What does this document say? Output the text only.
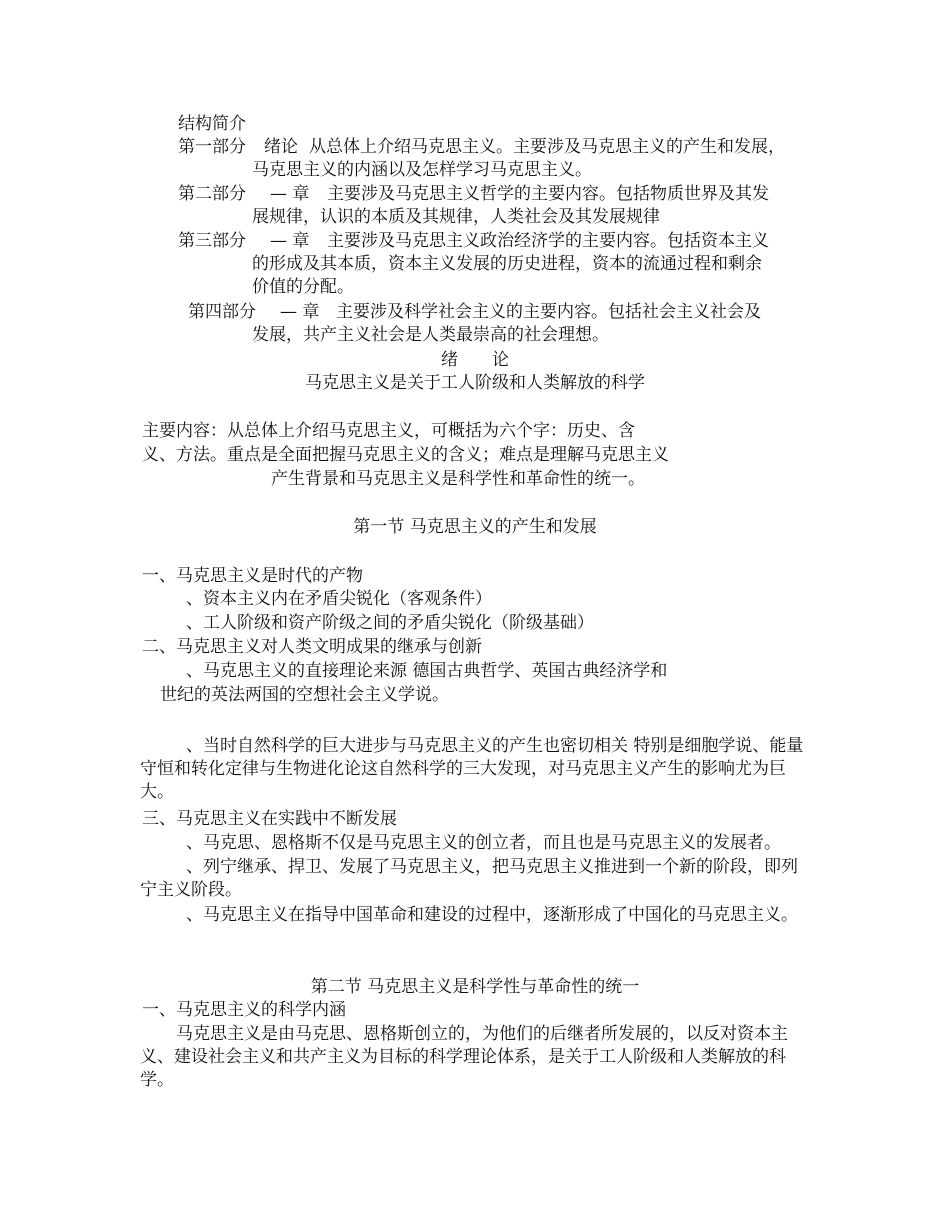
结构简介
第一部分 绪论 从总体上介绍马克思主义。主要涉及马克思主义的产生和发展，
马克思主义的内涵以及怎样学习马克思主义。
第二部分 — 章 主要涉及马克思主义哲学的主要内容。包括物质世界及其发
展规律，认识的本质及其规律，人类社会及其发展规律
第三部分 — 章 主要涉及马克思主义政治经济学的主要内容。包括资本主义
的形成及其本质，资本主义发展的历史进程，资本的流通过程和剩余
价值的分配。
第四部分 — 章 主要涉及科学社会主义的主要内容。包括社会主义社会及
发展，共产主义社会是人类最崇高的社会理想。
绪　　论
马克思主义是关于工人阶级和人类解放的科学
主要内容：从总体上介绍马克思主义，可概括为六个字：历史、含
义、方法。重点是全面把握马克思主义的含义；难点是理解马克思主义
产生背景和马克思主义是科学性和革命性的统一。
第一节 马克思主义的产生和发展
一、马克思主义是时代的产物
、资本主义内在矛盾尖锐化（客观条件）
、工人阶级和资产阶级之间的矛盾尖锐化（阶级基础）
二、马克思主义对人类文明成果的继承与创新
、马克思主义的直接理论来源 德国古典哲学、英国古典经济学和
世纪的英法两国的空想社会主义学说。

、当时自然科学的巨大进步与马克思主义的产生也密切相关 特别是细胞学说、能量守恒和转化定律与生物进化论这自然科学的三大发现，对马克思主义产生的影响尤为巨大。

三、马克思主义在实践中不断发展
、马克思、恩格斯不仅是马克思主义的创立者，而且也是马克思主义的发展者。

、列宁继承、捍卫、发展了马克思主义，把马克思主义推进到一个新的阶段，即列宁主义阶段。

、马克思主义在指导中国革命和建设的过程中，逐渐形成了中国化的马克思主义。

第二节 马克思主义是科学性与革命性的统一
一、马克思主义的科学内涵

马克思主义是由马克思、恩格斯创立的，为他们的后继者所发展的，以反对资本主义、建设社会主义和共产主义为目标的科学理论体系，是关于工人阶级和人类解放的科学。
